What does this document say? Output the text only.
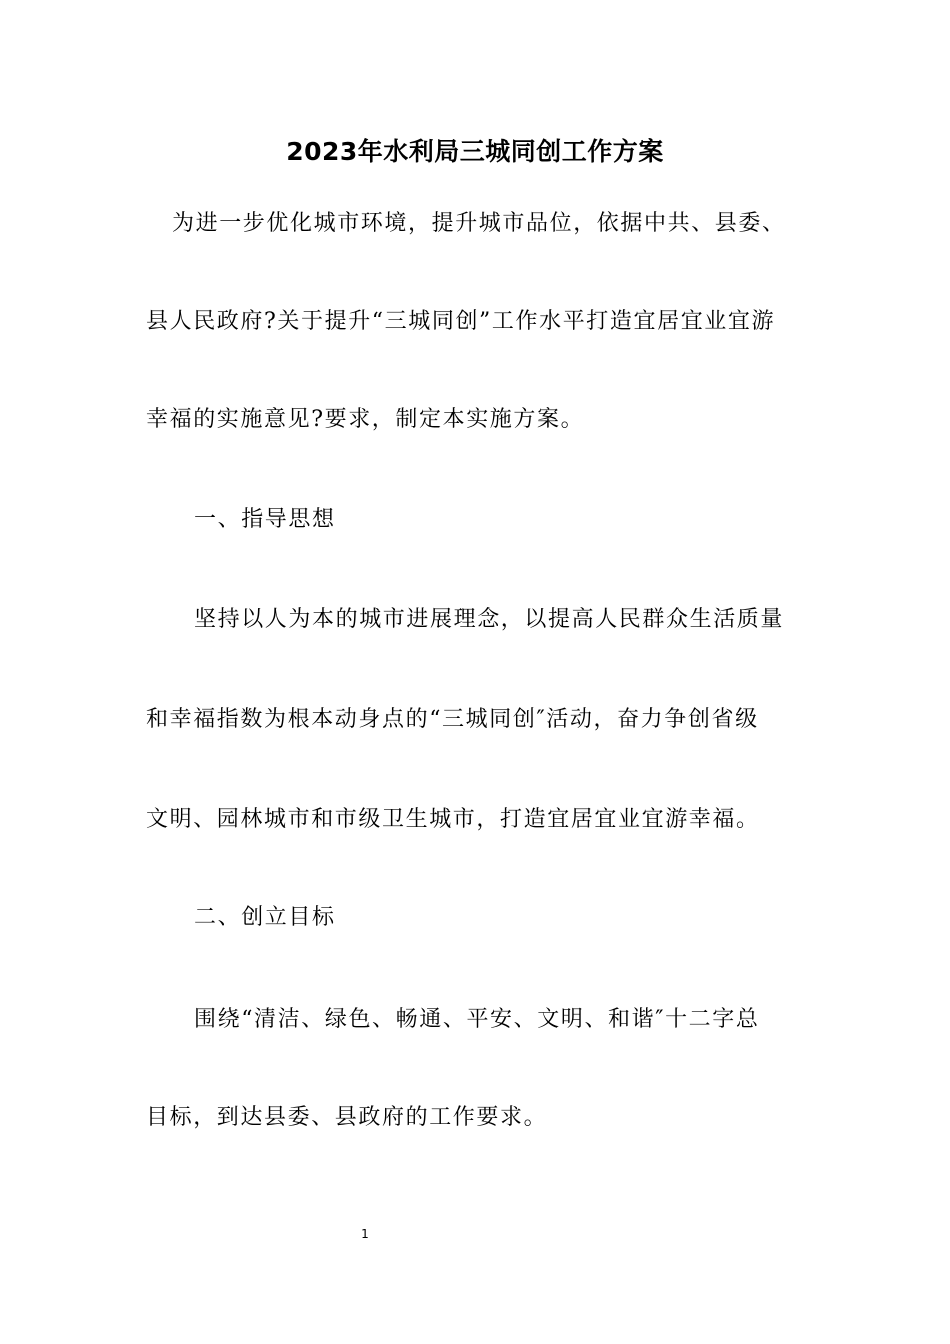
2023年水利局三城同创工作方案
为进一步优化城市环境，提升城市品位，依据中共、县委、
县人民政府?关于提升“三城同创”工作水平打造宜居宜业宜游
幸福的实施意见?要求，制定本实施方案。
一、指导思想
坚持以人为本的城市进展理念，以提高人民群众生活质量
和幸福指数为根本动身点的“三城同创″活动，奋力争创省级
文明、园林城市和市级卫生城市，打造宜居宜业宜游幸福。
二、创立目标
围绕“清洁、绿色、畅通、平安、文明、和谐″十二字总
目标，到达县委、县政府的工作要求。
1
